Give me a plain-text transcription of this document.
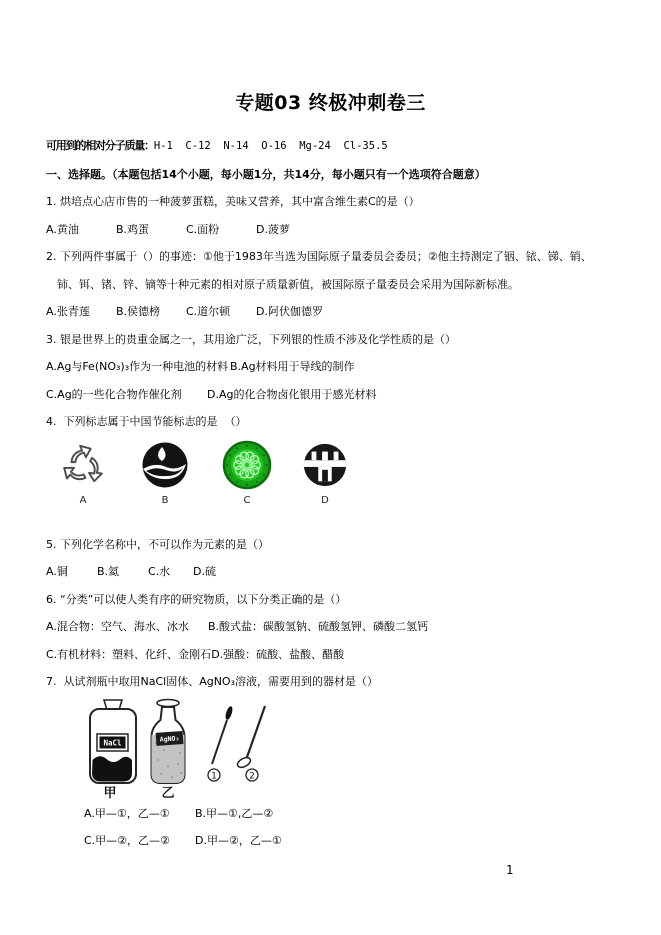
专题03 终极冲刺卷三

可用到的相对分子质量：H-1  C-12  N-14  O-16  Mg-24  Cl-35.5

一、选择题。（本题包括14个小题，每小题1分，共14分，每小题只有一个选项符合题意）

1. 烘培点心店市售的一种菠萝蛋糕，美味又营养，其中富含维生素C的是（）

A.黄油	B.鸡蛋	C.面粉	D.菠萝

2. 下列两件事属于（）的事迹：①他于1983年当选为国际原子量委员会委员；②他主持测定了铟、铱、锑、销、铈、铒、锗、锌、镝等十种元素的相对原子质量新值，被国际原子量委员会采用为国际新标准。

A.张青莲	B.侯德榜	C.道尔顿	D.阿伏伽德罗

3. 银是世界上的贵重金属之一，其用途广泛，下列银的性质不涉及化学性质的是（）

A.Ag与Fe(NO₃)₃作为一种电池的材料 B.Ag材料用于导线的制作

C.Ag的一些化合物作催化剂	D.Ag的化合物卤化银用于感光材料

4.  下列标志属于中国节能标志的是  （）

A	B	C	D

5. 下列化学名称中，不可以作为元素的是（）

A.铜	B.氦	C.水	D.硫

6. “分类”可以使人类有序的研究物质，以下分类正确的是（）

A.混合物：空气、海水、冰水	B.酸式盐：碳酸氢钠、硫酸氢钾、磷酸二氢钙

C.有机材料：塑料、化纤、金刚石 D.强酸：硫酸、盐酸、醋酸

7.  从试剂瓶中取用NaCl固体、AgNO₃溶液，需要用到的器材是（）

NaCl	AgNO₃
1	2
甲	乙

A.甲—①，乙—①	B.甲—①,乙—②

C.甲—②，乙—②	D.甲—②，乙—①

1
